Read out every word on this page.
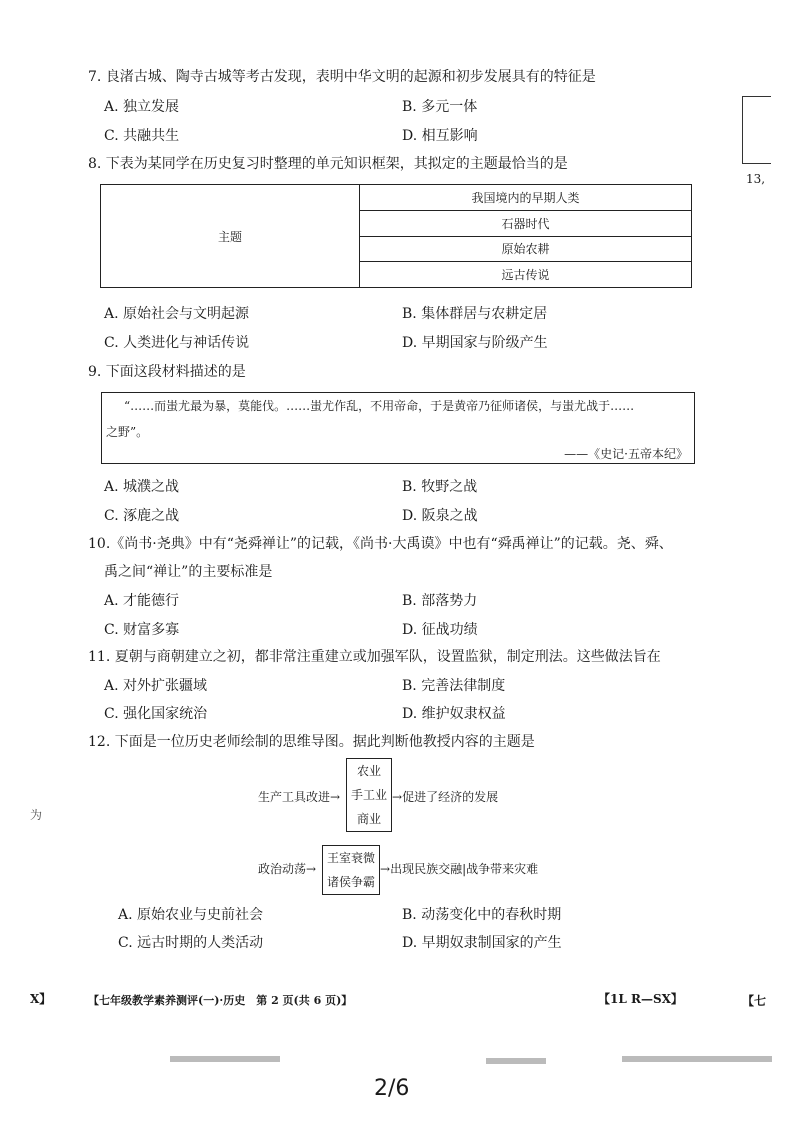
7. 良渚古城、陶寺古城等考古发现，表明中华文明的起源和初步发展具有的特征是
A. 独立发展	B. 多元一体
C. 共融共生	D. 相互影响
8. 下表为某同学在历史复习时整理的单元知识框架，其拟定的主题最恰当的是
主题	我国境内的早期人类
石器时代
原始农耕
远古传说
A. 原始社会与文明起源	B. 集体群居与农耕定居
C. 人类进化与神话传说	D. 早期国家与阶级产生
9. 下面这段材料描述的是
“……而蚩尤最为暴，莫能伐。……蚩尤作乱，不用帝命，于是黄帝乃征师诸侯，与蚩尤战于……
之野”。
——《史记·五帝本纪》
A. 城濮之战	B. 牧野之战
C. 涿鹿之战	D. 阪泉之战
10.《尚书·尧典》中有“尧舜禅让”的记载，《尚书·大禹谟》中也有“舜禹禅让”的记载。尧、舜、
禹之间“禅让”的主要标准是
A. 才能德行	B. 部落势力
C. 财富多寡	D. 征战功绩
11. 夏朝与商朝建立之初，都非常注重建立或加强军队，设置监狱，制定刑法。这些做法旨在
A. 对外扩张疆域	B. 完善法律制度
C. 强化国家统治	D. 维护奴隶权益
12. 下面是一位历史老师绘制的思维导图。据此判断他教授内容的主题是
生产工具改进→
农业
手工业
商业
→促进了经济的发展
政治动荡→
王室衰微
诸侯争霸
→出现民族交融|战争带来灾难
A. 原始农业与史前社会	B. 动荡变化中的春秋时期
C. 远古时期的人类活动	D. 早期奴隶制国家的产生
为
13,
X】	【七年级教学素养测评(一)·历史　第 2 页(共 6 页)】	【1L R—SX】	【七
2/6
